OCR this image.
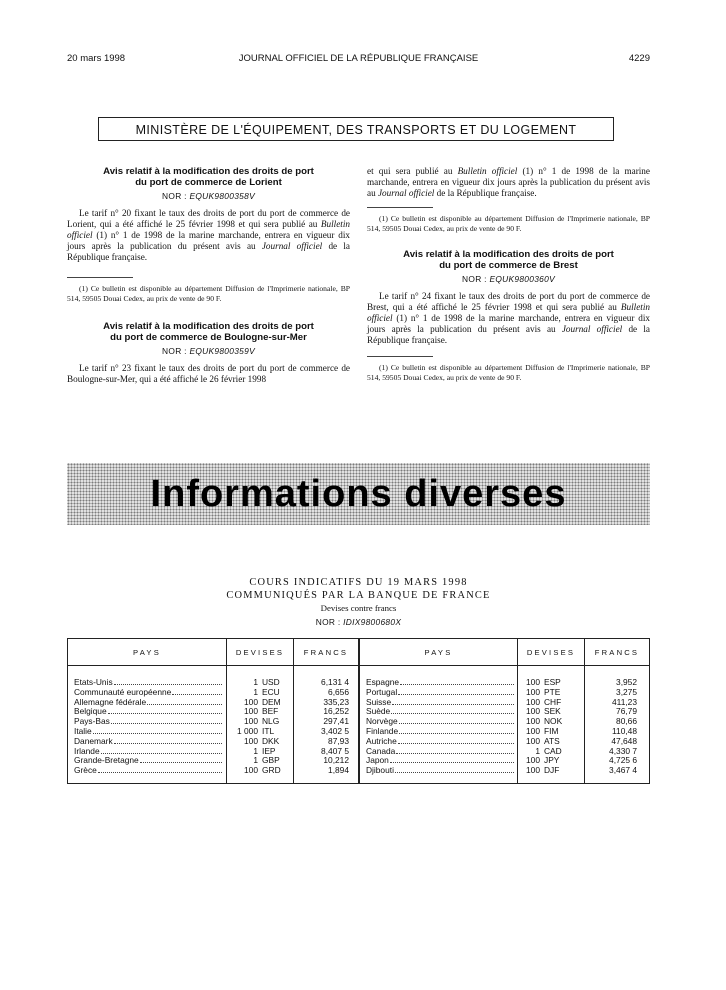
20 mars 1998	JOURNAL OFFICIEL DE LA RÉPUBLIQUE FRANÇAISE	4229
MINISTÈRE DE L'ÉQUIPEMENT, DES TRANSPORTS ET DU LOGEMENT

Avis relatif à la modification des droits de port
du port de commerce de Lorient

NOR : EQUK9800358V

Le tarif n° 20 fixant le taux des droits de port du port de commerce de Lorient, qui a été affiché le 25 février 1998 et qui sera publié au Bulletin officiel (1) n° 1 de 1998 de la marine marchande, entrera en vigueur dix jours après la publication du présent avis au Journal officiel de la République française.

(1) Ce bulletin est disponible au département Diffusion de l'Imprimerie nationale, BP 514, 59505 Douai Cedex, au prix de vente de 90 F.

Avis relatif à la modification des droits de port
du port de commerce de Boulogne-sur-Mer

NOR : EQUK9800359V

Le tarif n° 23 fixant le taux des droits de port du port de commerce de Boulogne-sur-Mer, qui a été affiché le 26 février 1998

et qui sera publié au Bulletin officiel (1) n° 1 de 1998 de la marine marchande, entrera en vigueur dix jours après la publication du présent avis au Journal officiel de la République française.

(1) Ce bulletin est disponible au département Diffusion de l'Imprimerie nationale, BP 514, 59505 Douai Cedex, au prix de vente de 90 F.

Avis relatif à la modification des droits de port
du port de commerce de Brest

NOR : EQUK9800360V

Le tarif n° 24 fixant le taux des droits de port du port de commerce de Brest, qui a été affiché le 25 février 1998 et qui sera publié au Bulletin officiel (1) n° 1 de 1998 de la marine marchande, entrera en vigueur dix jours après la publication du présent avis au Journal officiel de la République française.

(1) Ce bulletin est disponible au département Diffusion de l'Imprimerie nationale, BP 514, 59505 Douai Cedex, au prix de vente de 90 F.

Informations diverses
COURS INDICATIFS DU 19 MARS 1998
COMMUNIQUÉS PAR LA BANQUE DE FRANCE
Devises contre francs
NOR : IDIX9800680X
PAYS	DEVISES	FRANCS	PAYS	DEVISES	FRANCS
Etats-Unis	1 USD	6,131 4
Communauté européenne	1 ECU	6,656
Allemagne fédérale	100 DEM	335,23
Belgique	100 BEF	16,252
Pays-Bas	100 NLG	297,41
Italie	1 000 ITL	3,402 5
Danemark	100 DKK	87,93
Irlande	1 IEP	8,407 5
Grande-Bretagne	1 GBP	10,212
Grèce	100 GRD	1,894
Espagne	100 ESP	3,952
Portugal	100 PTE	3,275
Suisse	100 CHF	411,23
Suède	100 SEK	76,79
Norvège	100 NOK	80,66
Finlande	100 FIM	110,48
Autriche	100 ATS	47,648
Canada	1 CAD	4,330 7
Japon	100 JPY	4,725 6
Djibouti	100 DJF	3,467 4
